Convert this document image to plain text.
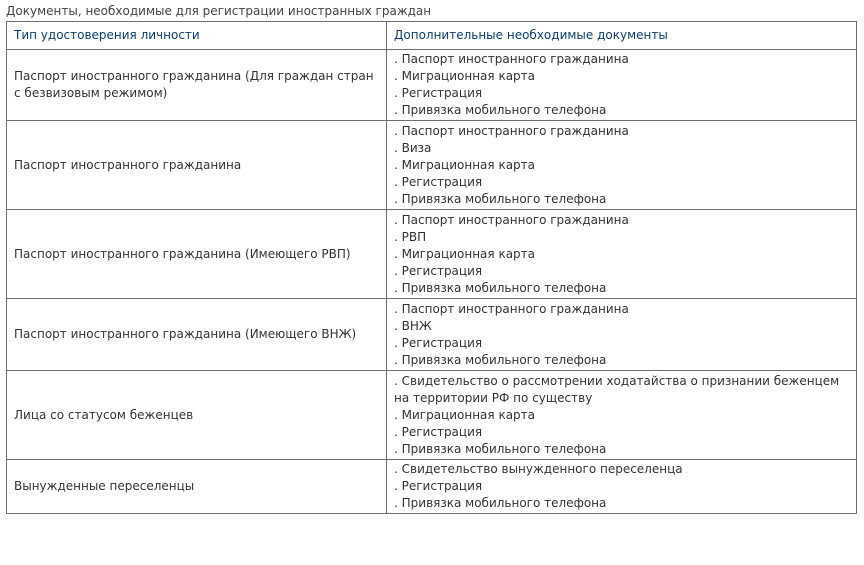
Документы, необходимые для регистрации иностранных граждан
Тип удостоверения личности	Дополнительные необходимые документы
Паспорт иностранного гражданина (Для граждан стран с безвизовым режимом)	. Паспорт иностранного гражданина
. Миграционная карта
. Регистрация
. Привязка мобильного телефона

Паспорт иностранного гражданина	. Паспорт иностранного гражданина
. Виза
. Миграционная карта
. Регистрация
. Привязка мобильного телефона

Паспорт иностранного гражданина (Имеющего РВП)	. Паспорт иностранного гражданина
. РВП
. Миграционная карта
. Регистрация
. Привязка мобильного телефона

Паспорт иностранного гражданина (Имеющего ВНЖ)	. Паспорт иностранного гражданина
. ВНЖ
. Регистрация
. Привязка мобильного телефона

Лица со статусом беженцев	. Свидетельство о рассмотрении ходатайства о признании беженцем на территории РФ по существу
. Миграционная карта
. Регистрация
. Привязка мобильного телефона

Вынужденные переселенцы	. Свидетельство вынужденного переселенца
. Регистрация
. Привязка мобильного телефона
